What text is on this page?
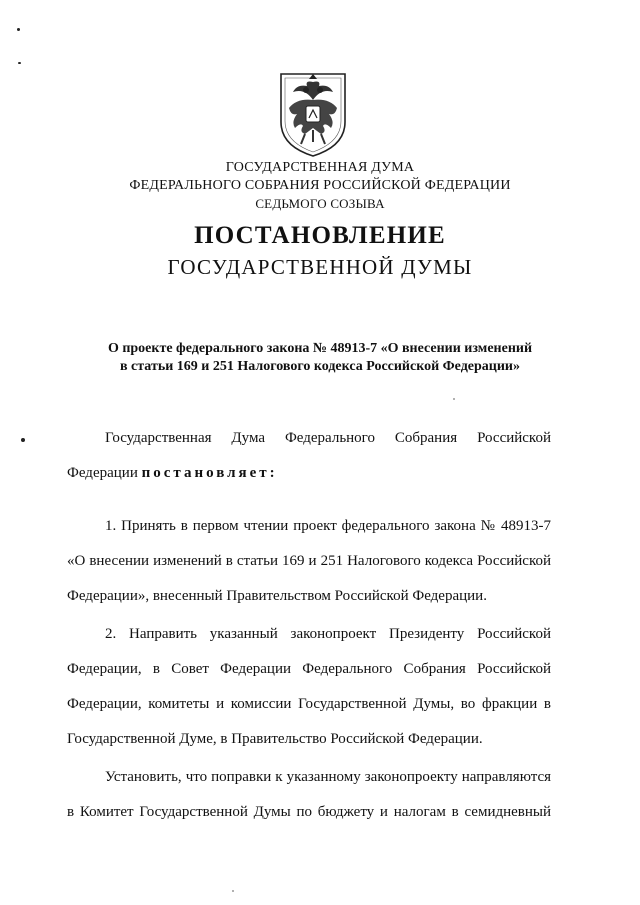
ГОСУДАРСТВЕННАЯ ДУМА
ФЕДЕРАЛЬНОГО СОБРАНИЯ РОССИЙСКОЙ ФЕДЕРАЦИИ
СЕДЬМОГО СОЗЫВА
ПОСТАНОВЛЕНИЕ
ГОСУДАРСТВЕННОЙ ДУМЫ
О проекте федерального закона № 48913-7 «О внесении изменений
в статьи 169 и 251 Налогового кодекса Российской Федерации»
Государственная Дума Федерального Собрания Российской
Федерации постановляет:
1. Принять в первом чтении проект федерального закона № 48913-7
«О внесении изменений в статьи 169 и 251 Налогового кодекса Российской
Федерации», внесенный Правительством Российской Федерации.
2. Направить указанный законопроект Президенту Российской
Федерации, в Совет Федерации Федерального Собрания Российской
Федерации, комитеты и комиссии Государственной Думы, во фракции в
Государственной Думе, в Правительство Российской Федерации.
Установить, что поправки к указанному законопроекту направляются
в Комитет Государственной Думы по бюджету и налогам в семидневный
